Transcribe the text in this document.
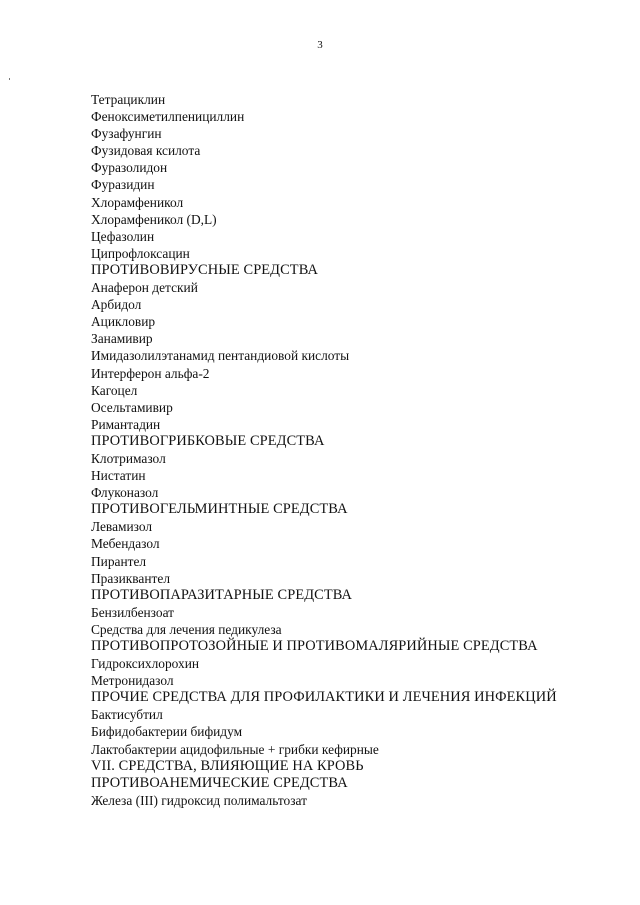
3
Тетрациклин
Феноксиметилпенициллин
Фузафунгин
Фузидовая ксилота
Фуразолидон
Фуразидин
Хлорамфеникол
Хлорамфеникол (D,L)
Цефазолин
Ципрофлоксацин
ПРОТИВОВИРУСНЫЕ СРЕДСТВА
Анаферон детский
Арбидол
Ацикловир
Занамивир
Имидазолилэтанамид пентандиовой кислоты
Интерферон альфа-2
Кагоцел
Осельтамивир
Римантадин
ПРОТИВОГРИБКОВЫЕ СРЕДСТВА
Клотримазол
Нистатин
Флуконазол
ПРОТИВОГЕЛЬМИНТНЫЕ СРЕДСТВА
Левамизол
Мебендазол
Пирантел
Празиквантел
ПРОТИВОПАРАЗИТАРНЫЕ СРЕДСТВА
Бензилбензоат
Средства для лечения педикулеза
ПРОТИВОПРОТОЗОЙНЫЕ И ПРОТИВОМАЛЯРИЙНЫЕ СРЕДСТВА
Гидроксихлорохин
Метронидазол
ПРОЧИЕ СРЕДСТВА ДЛЯ ПРОФИЛАКТИКИ И ЛЕЧЕНИЯ ИНФЕКЦИЙ
Бактисубтил
Бифидобактерии бифидум
Лактобактерии ацидофильные + грибки кефирные
VII. СРЕДСТВА, ВЛИЯЮЩИЕ НА КРОВЬ
ПРОТИВОАНЕМИЧЕСКИЕ СРЕДСТВА
Железа (III) гидроксид полимальтозат
